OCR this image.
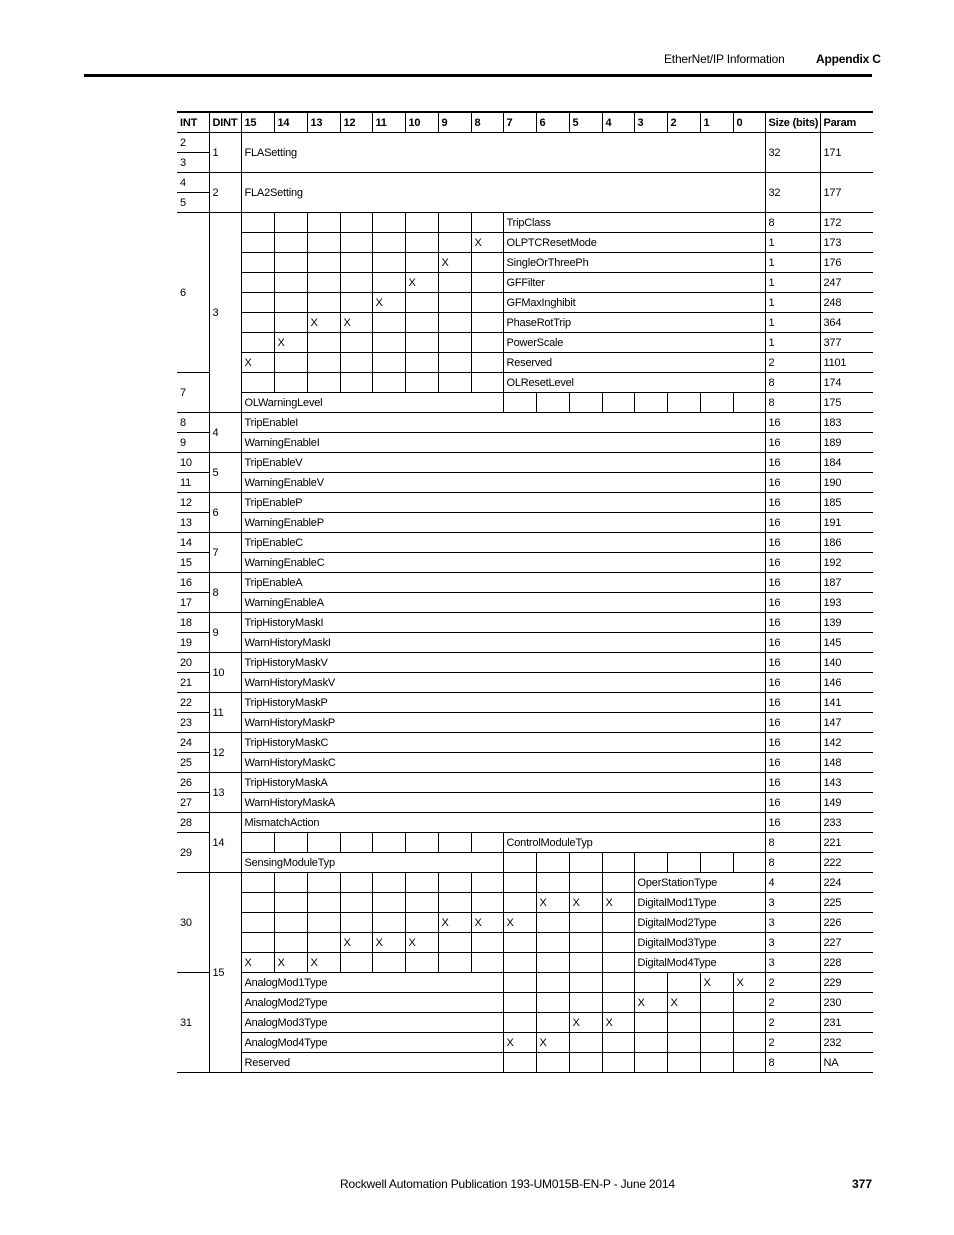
EtherNet/IP Information	Appendix C
INT	DINT	15	14	13	12	11	10	9	8	7	6	5	4	3	2	1	0	Size (bits)	Param
2	1	FLASetting																32	171
3																			
4	2	FLA2Setting																32	177
5																			
6	3									TripClass								8	172
									X	OLPTCResetMode								1	173
								X		SingleOrThreePh								1	176
							X			GFFilter								1	247
						X				GFMaxInghibit								1	248
				X	X					PhaseRotTrip								1	364
			X							PowerScale								1	377
		X								Reserved								2	1101
7										OLResetLevel								8	174
		OLWarningLevel																8	175
8	4	TripEnableI																16	183
9		WarningEnableI																16	189
10	5	TripEnableV																16	184
11		WarningEnableV																16	190
12	6	TripEnableP																16	185
13		WarningEnableP																16	191
14	7	TripEnableC																16	186
15		WarningEnableC																16	192
16	8	TripEnableA																16	187
17		WarningEnableA																16	193
18	9	TripHistoryMaskI																16	139
19		WarnHistoryMaskI																16	145
20	10	TripHistoryMaskV																16	140
21		WarnHistoryMaskV																16	146
22	11	TripHistoryMaskP																16	141
23		WarnHistoryMaskP																16	147
24	12	TripHistoryMaskC																16	142
25		WarnHistoryMaskC																16	148
26	13	TripHistoryMaskA																16	143
27		WarnHistoryMaskA																16	149
28	14	MismatchAction																16	233
29										ControlModuleTyp								8	221
		SensingModuleTyp																8	222
30	15													OperStationType				4	224
											X	X	X	DigitalMod1Type				3	225
								X	X	X				DigitalMod2Type				3	226
					X	X	X							DigitalMod3Type				3	227
		X	X	X										DigitalMod4Type				3	228
31		AnalogMod1Type														X	X	2	229
		AnalogMod2Type												X	X			2	230
		AnalogMod3Type										X	X					2	231
		AnalogMod4Type								X	X							2	232
		Reserved																8	NA
Rockwell Automation Publication 193-UM015B-EN-P - June 2014	377
